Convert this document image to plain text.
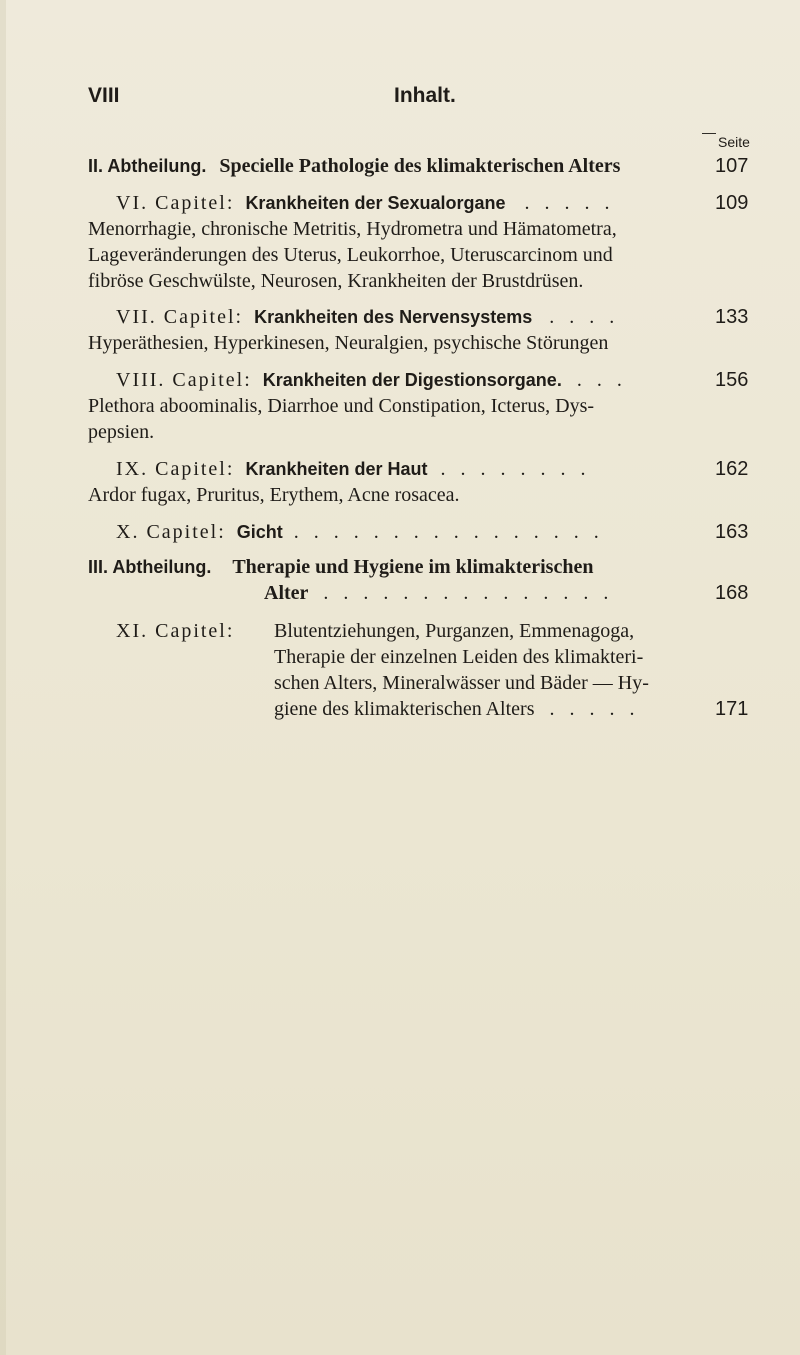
VIII	Inhalt.
— Seite
II. Abtheilung. Specielle Pathologie des klimakterischen Alters	107
VI. Capitel: Krankheiten der Sexualorgane . . . . .	109
Menorrhagie, chronische Metritis, Hydrometra und Hämatometra,
Lageveränderungen des Uterus, Leukorrhoe, Uteruscarcinom und
fibröse Geschwülste, Neurosen, Krankheiten der Brustdrüsen.
VII. Capitel: Krankheiten des Nervensystems . . . .	133
Hyperäthesien, Hyperkinesen, Neuralgien, psychische Störungen
VIII. Capitel: Krankheiten der Digestionsorgane. . . .	156
Plethora aboominalis, Diarrhoe und Constipation, Icterus, Dys-
pepsien.
IX. Capitel: Krankheiten der Haut . . . . . . . .	162
Ardor fugax, Pruritus, Erythem, Acne rosacea.
X. Capitel: Gicht . . . . . . . . . . . . . . . .	163
III. Abtheilung. Therapie und Hygiene im klimakterischen
Alter . . . . . . . . . . . . . . .	168
XI. Capitel: Blutentziehungen, Purganzen, Emmenagoga,
Therapie der einzelnen Leiden des klimakteri-
schen Alters, Mineralwässer und Bäder — Hy-
giene des klimakterischen Alters . . . . .	171
